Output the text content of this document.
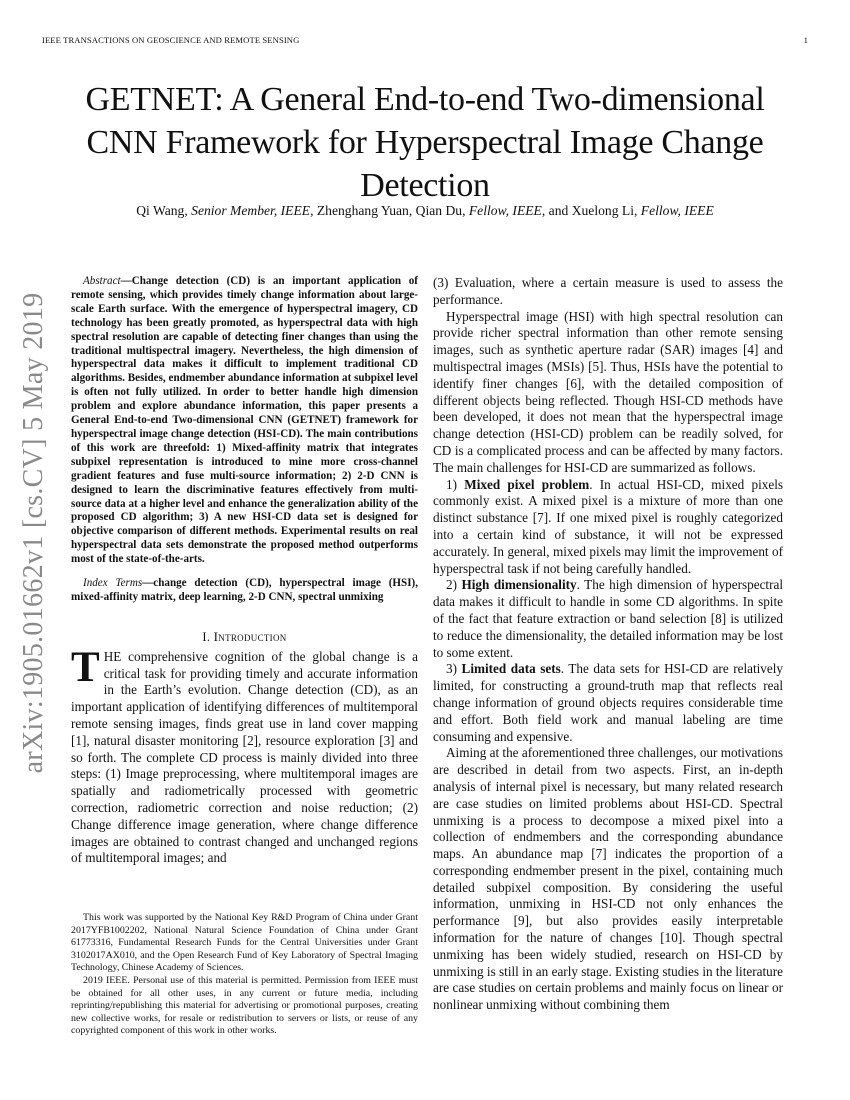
IEEE TRANSACTIONS ON GEOSCIENCE AND REMOTE SENSING	1
GETNET: A General End-to-end Two-dimensional CNN Framework for Hyperspectral Image Change Detection
Qi Wang, Senior Member, IEEE, Zhenghang Yuan, Qian Du, Fellow, IEEE, and Xuelong Li, Fellow, IEEE
arXiv:1905.01662v1 [cs.CV] 5 May 2019

Abstract—Change detection (CD) is an important application of remote sensing, which provides timely change information about large-scale Earth surface. With the emergence of hyperspectral imagery, CD technology has been greatly promoted, as hyperspectral data with high spectral resolution are capable of detecting finer changes than using the traditional multispectral imagery. Nevertheless, the high dimension of hyperspectral data makes it difficult to implement traditional CD algorithms. Besides, endmember abundance information at subpixel level is often not fully utilized. In order to better handle high dimension problem and explore abundance information, this paper presents a General End-to-end Two-dimensional CNN (GETNET) framework for hyperspectral image change detection (HSI-CD). The main contributions of this work are threefold: 1) Mixed-affinity matrix that integrates subpixel representation is introduced to mine more cross-channel gradient features and fuse multi-source information; 2) 2-D CNN is designed to learn the discriminative features effectively from multi-source data at a higher level and enhance the generalization ability of the proposed CD algorithm; 3) A new HSI-CD data set is designed for objective comparison of different methods. Experimental results on real hyperspectral data sets demonstrate the proposed method outperforms most of the state-of-the-arts.

Index Terms—change detection (CD), hyperspectral image (HSI), mixed-affinity matrix, deep learning, 2-D CNN, spectral unmixing

I. Introduction

THE comprehensive cognition of the global change is a critical task for providing timely and accurate information in the Earth’s evolution. Change detection (CD), as an important application of identifying differences of multitemporal remote sensing images, finds great use in land cover mapping [1], natural disaster monitoring [2], resource exploration [3] and so forth. The complete CD process is mainly divided into three steps: (1) Image preprocessing, where multitemporal images are spatially and radiometrically processed with geometric correction, radiometric correction and noise reduction; (2) Change difference image generation, where change difference images are obtained to contrast changed and unchanged regions of multitemporal images; and

(3) Evaluation, where a certain measure is used to assess the performance.

Hyperspectral image (HSI) with high spectral resolution can provide richer spectral information than other remote sensing images, such as synthetic aperture radar (SAR) images [4] and multispectral images (MSIs) [5]. Thus, HSIs have the potential to identify finer changes [6], with the detailed composition of different objects being reflected. Though HSI-CD methods have been developed, it does not mean that the hyperspectral image change detection (HSI-CD) problem can be readily solved, for CD is a complicated process and can be affected by many factors. The main challenges for HSI-CD are summarized as follows.

1) Mixed pixel problem. In actual HSI-CD, mixed pixels commonly exist. A mixed pixel is a mixture of more than one distinct substance [7]. If one mixed pixel is roughly categorized into a certain kind of substance, it will not be expressed accurately. In general, mixed pixels may limit the improvement of hyperspectral task if not being carefully handled.

2) High dimensionality. The high dimension of hyperspectral data makes it difficult to handle in some CD algorithms. In spite of the fact that feature extraction or band selection [8] is utilized to reduce the dimensionality, the detailed information may be lost to some extent.

3) Limited data sets. The data sets for HSI-CD are relatively limited, for constructing a ground-truth map that reflects real change information of ground objects requires considerable time and effort. Both field work and manual labeling are time consuming and expensive.

Aiming at the aforementioned three challenges, our motivations are described in detail from two aspects. First, an in-depth analysis of internal pixel is necessary, but many related research are case studies on limited problems about HSI-CD. Spectral unmixing is a process to decompose a mixed pixel into a collection of endmembers and the corresponding abundance maps. An abundance map [7] indicates the proportion of a corresponding endmember present in the pixel, containing much detailed subpixel composition. By considering the useful information, unmixing in HSI-CD not only enhances the performance [9], but also provides easily interpretable information for the nature of changes [10]. Though spectral unmixing has been widely studied, research on HSI-CD by unmixing is still in an early stage. Existing studies in the literature are case studies on certain problems and mainly focus on linear or nonlinear unmixing without combining them

This work was supported by the National Key R&D Program of China under Grant 2017YFB1002202, National Natural Science Foundation of China under Grant 61773316, Fundamental Research Funds for the Central Universities under Grant 3102017AX010, and the Open Research Fund of Key Laboratory of Spectral Imaging Technology, Chinese Academy of Sciences.

2019 IEEE. Personal use of this material is permitted. Permission from IEEE must be obtained for all other uses, in any current or future media, including reprinting/republishing this material for advertising or promotional purposes, creating new collective works, for resale or redistribution to servers or lists, or reuse of any copyrighted component of this work in other works.
